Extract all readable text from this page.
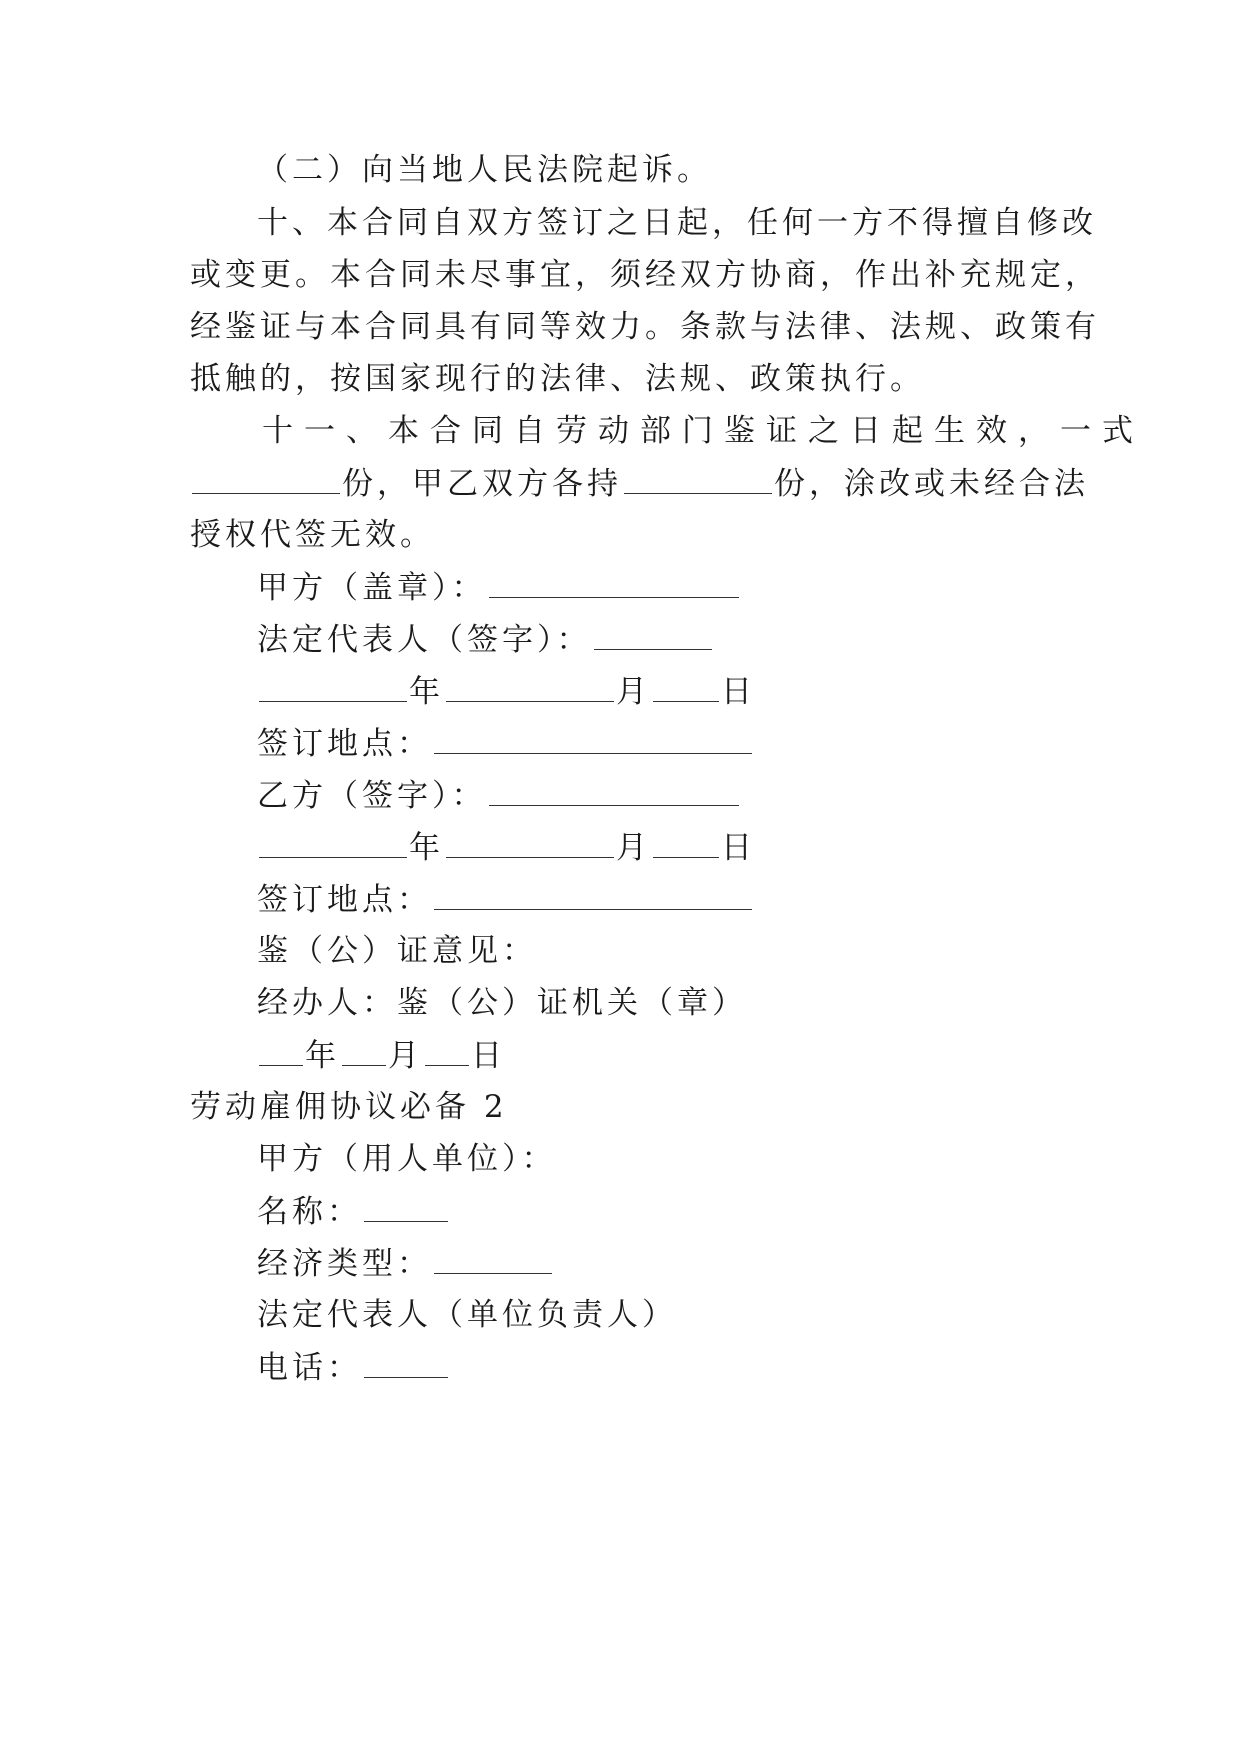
（二）向当地人民法院起诉。
十、本合同自双方签订之日起，任何一方不得擅自修改
或变更。本合同未尽事宜，须经双方协商，作出补充规定，
经鉴证与本合同具有同等效力。条款与法律、法规、政策有
抵触的，按国家现行的法律、法规、政策执行。
十一、本合同自劳动部门鉴证之日起生效，一式
份，甲乙双方各持	份，涂改或未经合法
授权代签无效。
甲方（盖章）：
法定代表人（签字）：
年	月 日
签订地点：
乙方（签字）：
年	月 日
签订地点：
鉴（公）证意见：
经办人：鉴（公）证机关（章）
年 月 日
劳动雇佣协议必备 2
甲方（用人单位）：
名称：
经济类型：
法定代表人（单位负责人）
电话：
